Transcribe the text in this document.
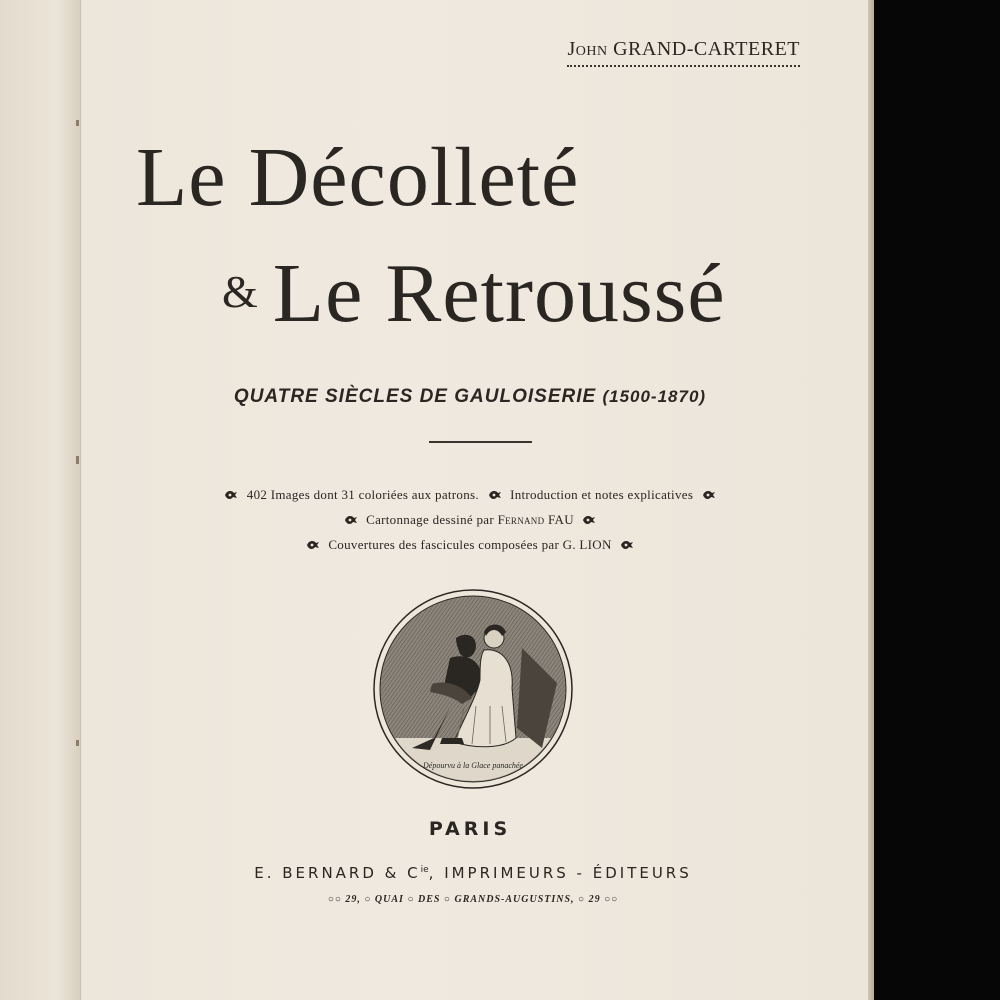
John GRAND-CARTERET
Le Décolleté
& Le Retroussé
QUATRE SIÈCLES DE GAULOISERIE (1500-1870)
402 Images dont 31 coloriées aux patrons. Introduction et notes explicatives
Cartonnage dessiné par Fernand FAU
Couvertures des fascicules composées par G. LION
Dépourvu à la Glace panachée
PARIS
E. BERNARD & $C^{ie}$, IMPRIMEURS - ÉDITEURS
○○ 29, ○ QUAI ○ DES ○ GRANDS-AUGUSTINS, ○ 29 ○○
